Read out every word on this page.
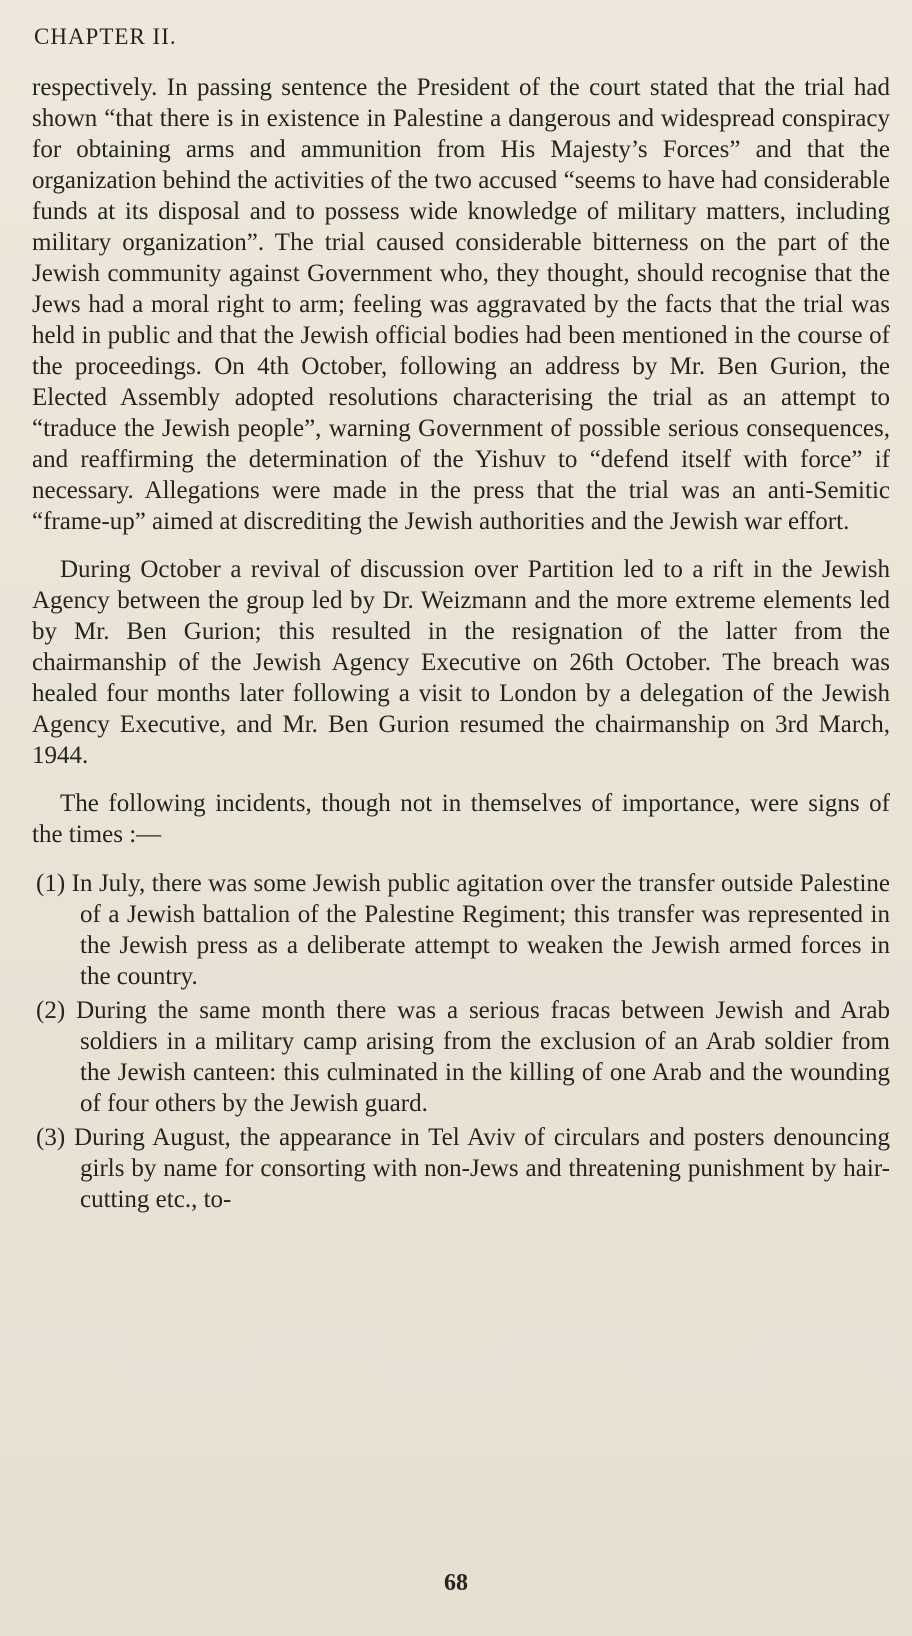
CHAPTER II.

respectively. In passing sentence the President of the court stated that the trial had shown “that there is in existence in Palestine a dangerous and widespread conspiracy for obtaining arms and ammunition from His Majesty’s Forces” and that the organization behind the activities of the two accused “seems to have had considerable funds at its disposal and to possess wide knowledge of military matters, including military organization”. The trial caused considerable bitterness on the part of the Jewish community against Government who, they thought, should recognise that the Jews had a moral right to arm; feeling was aggravated by the facts that the trial was held in public and that the Jewish official bodies had been mentioned in the course of the proceedings. On 4th October, following an address by Mr. Ben Gurion, the Elected Assembly adopted resolutions characterising the trial as an attempt to “traduce the Jewish people”, warning Government of possible serious consequences, and reaffirming the determination of the Yishuv to “defend itself with force” if necessary. Allegations were made in the press that the trial was an anti-Semitic “frame-up” aimed at discrediting the Jewish authorities and the Jewish war effort.

During October a revival of discussion over Partition led to a rift in the Jewish Agency between the group led by Dr. Weizmann and the more extreme elements led by Mr. Ben Gurion; this resulted in the resignation of the latter from the chairmanship of the Jewish Agency Executive on 26th October. The breach was healed four months later following a visit to London by a delegation of the Jewish Agency Executive, and Mr. Ben Gurion resumed the chairmanship on 3rd March, 1944.

The following incidents, though not in themselves of importance, were signs of the times :—

(1) In July, there was some Jewish public agitation over the transfer outside Palestine of a Jewish battalion of the Palestine Regiment; this transfer was represented in the Jewish press as a deliberate attempt to weaken the Jewish armed forces in the country.

(2) During the same month there was a serious fracas between Jewish and Arab soldiers in a military camp arising from the exclusion of an Arab soldier from the Jewish canteen: this culminated in the killing of one Arab and the wounding of four others by the Jewish guard.

(3) During August, the appearance in Tel Aviv of circulars and posters denouncing girls by name for consorting with non-Jews and threatening punishment by hair-cutting etc., to-

68
